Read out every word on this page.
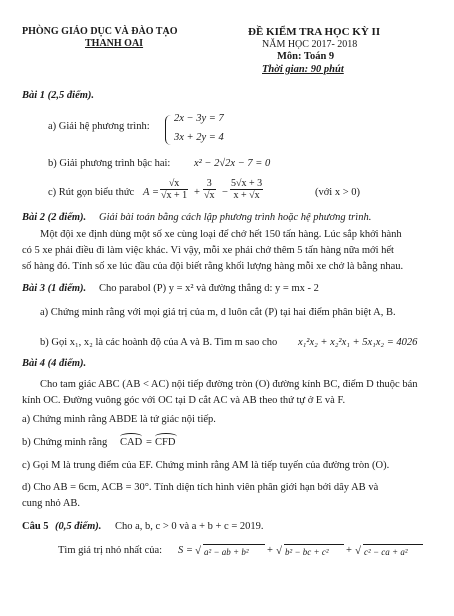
PHÒNG GIÁO DỤC VÀ ĐÀO TẠO
THANH OAI
ĐỀ KIỂM TRA HỌC KỲ II
NĂM HỌC 2017- 2018
Môn: Toán 9
Thời gian: 90 phút
Bài 1 (2,5 điểm).
a) Giải hệ phương trình:
2x − 3y = 7
3x + 2y = 4
b) Giải phương trình bậc hai: x² − 2√2x − 7 = 0
c) Rút gọn biểu thức $A = \frac{√x}{√x + 1} + \frac{3}{√x} - \frac{5√x + 3}{x + √x}$	(với x > 0)
Bài 2 (2 điểm). Giải bài toán bằng cách lập phương trình hoặc hệ phương trình.
Một đội xe định dùng một số xe cùng loại để chở hết 150 tấn hàng. Lúc sắp khởi hành
có 5 xe phải điều đi làm việc khác. Vì vậy, mỗi xe phải chở thêm 5 tấn hàng nữa mới hết
số hàng đó. Tính số xe lúc đầu của đội biết rằng khối lượng hàng mỗi xe chở là bằng nhau.
Bài 3 (1 điểm). Cho parabol (P) y = x² và đường thẳng d: y = mx - 2
a) Chứng minh rằng với mọi giá trị của m, d luôn cắt (P) tại hai điểm phân biệt A, B.
b) Gọi x₁, x₂ là các hoành độ của A và B. Tìm m sao cho x₁²x₂ + x₂²x₁ + 5x₁x₂ = 4026
Bài 4 (4 điểm).
Cho tam giác ABC (AB < AC) nội tiếp đường tròn (O) đường kính BC, điểm D thuộc bán
kính OC. Đường vuông góc với OC tại D cắt AC và AB theo thứ tự ở E và F.
a) Chứng minh rằng ABDE là tứ giác nội tiếp.
b) Chứng minh rằng CAD = CFD
c) Gọi M là trung điểm của EF. Chứng minh rằng AM là tiếp tuyến của đường tròn (O).
d) Cho AB = 6cm, ACB = 30°. Tính diện tích hình viên phân giới hạn bởi dây AB và
cung nhỏ AB.
Câu 5 (0,5 điểm). Cho a, b, c > 0 và a + b + c = 2019.
Tìm giá trị nhỏ nhất của: S = √ a² − ab + b² + √ b² − bc + c² + √ c² − ca + a²
